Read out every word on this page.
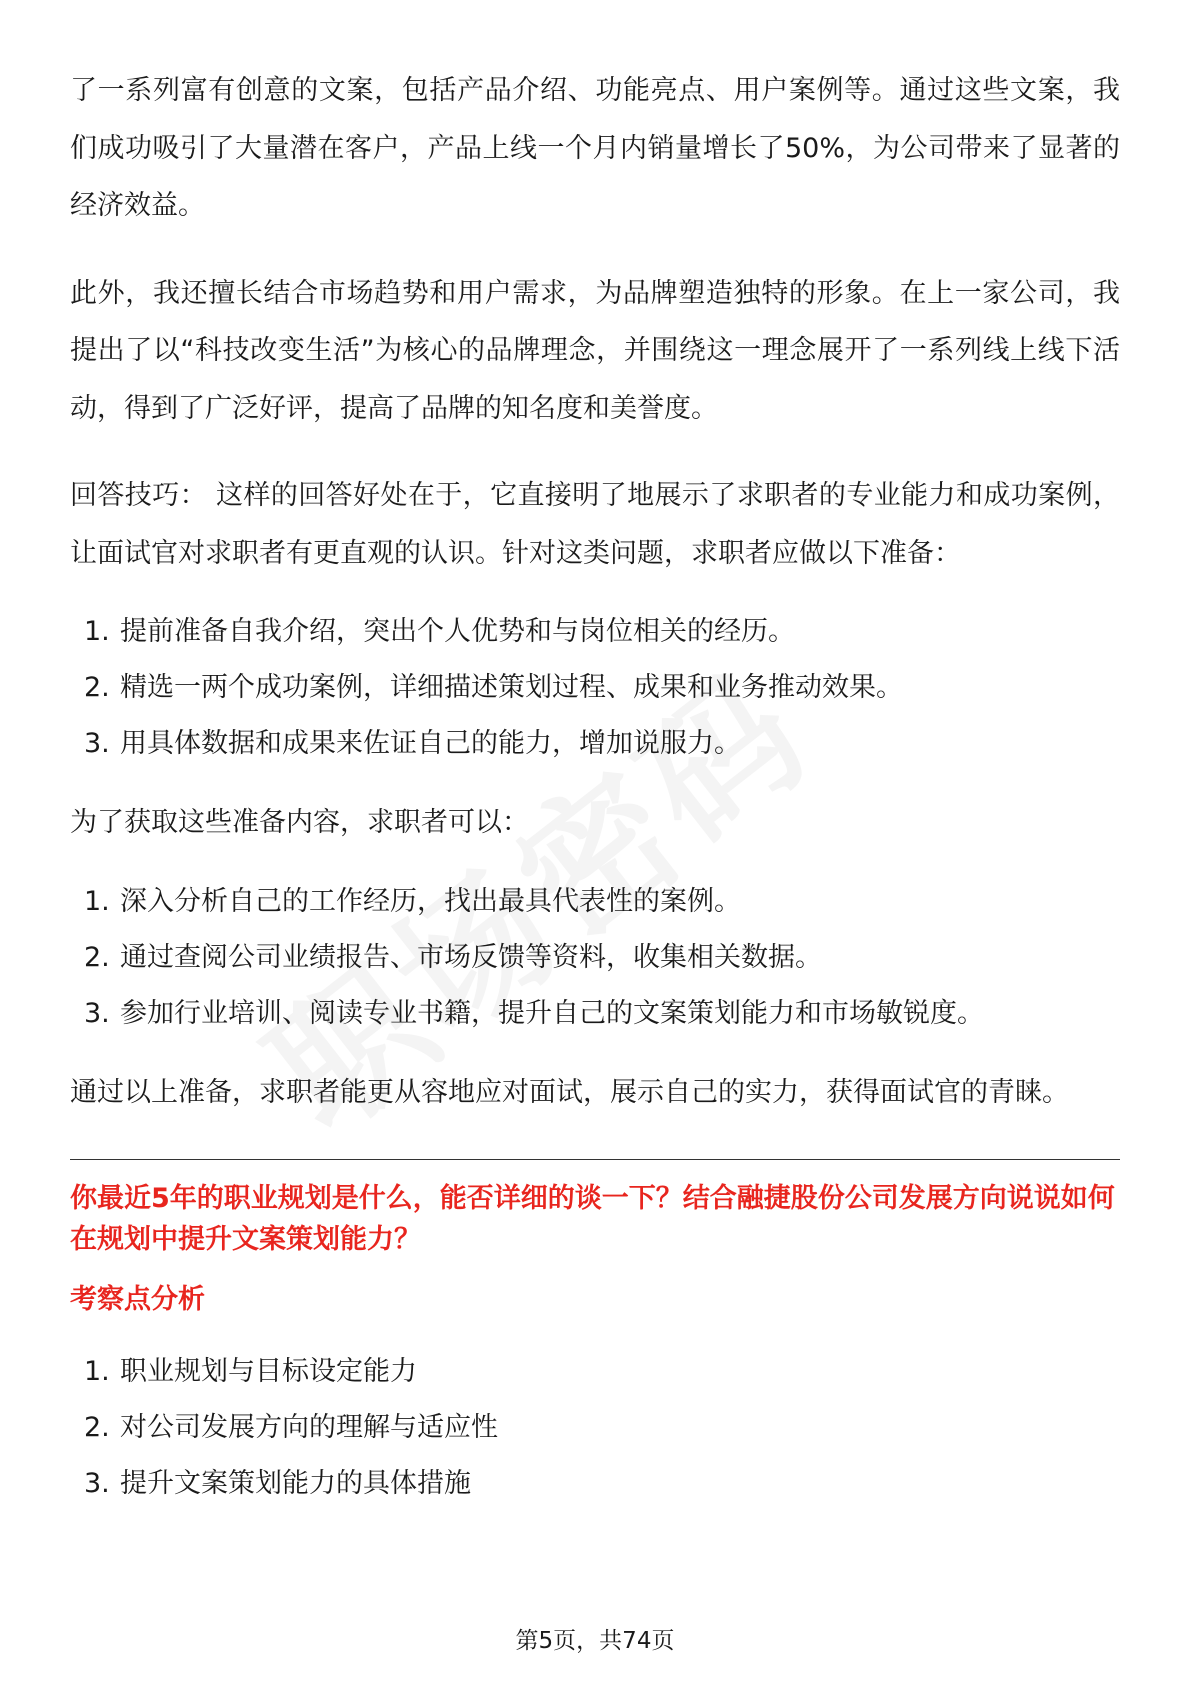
了一系列富有创意的文案，包括产品介绍、功能亮点、用户案例等。通过这些文案，我们成功吸引了大量潜在客户，产品上线一个月内销量增长了50%，为公司带来了显著的经济效益。

此外，我还擅长结合市场趋势和用户需求，为品牌塑造独特的形象。在上一家公司，我提出了以“科技改变生活”为核心的品牌理念，并围绕这一理念展开了一系列线上线下活动，得到了广泛好评，提高了品牌的知名度和美誉度。

回答技巧： 这样的回答好处在于，它直接明了地展示了求职者的专业能力和成功案例，让面试官对求职者有更直观的认识。针对这类问题，求职者应做以下准备：

1. 提前准备自我介绍，突出个人优势和与岗位相关的经历。
2. 精选一两个成功案例，详细描述策划过程、成果和业务推动效果。
3. 用具体数据和成果来佐证自己的能力，增加说服力。

为了获取这些准备内容，求职者可以：

1. 深入分析自己的工作经历，找出最具代表性的案例。
2. 通过查阅公司业绩报告、市场反馈等资料，收集相关数据。
3. 参加行业培训、阅读专业书籍，提升自己的文案策划能力和市场敏锐度。

通过以上准备，求职者能更从容地应对面试，展示自己的实力，获得面试官的青睐。

你最近5年的职业规划是什么，能否详细的谈一下？结合融捷股份公司发展方向说说如何在规划中提升文案策划能力？

考察点分析

1. 职业规划与目标设定能力
2. 对公司发展方向的理解与适应性
3. 提升文案策划能力的具体措施
第5页，共74页
